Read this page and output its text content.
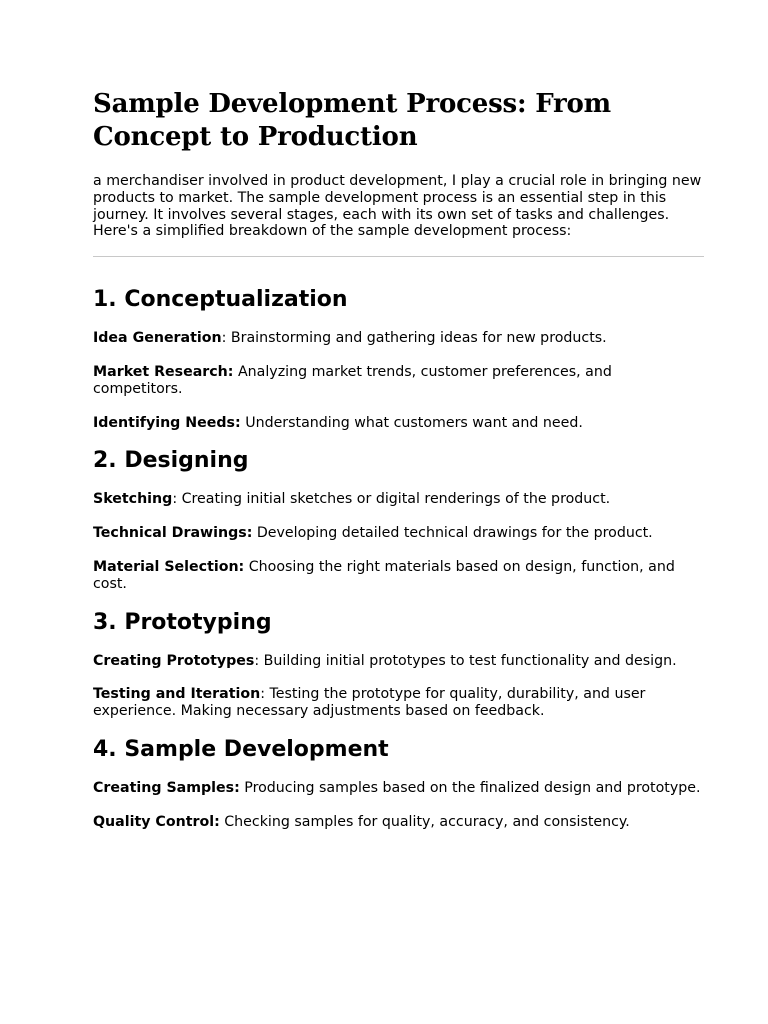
Sample Development Process: From Concept to Production

a merchandiser involved in product development, I play a crucial role in bringing new products to market. The sample development process is an essential step in this journey. It involves several stages, each with its own set of tasks and challenges. Here's a simplified breakdown of the sample development process:

1. Conceptualization

Idea Generation: Brainstorming and gathering ideas for new products.

Market Research: Analyzing market trends, customer preferences, and competitors.

Identifying Needs: Understanding what customers want and need.

2. Designing

Sketching: Creating initial sketches or digital renderings of the product.

Technical Drawings: Developing detailed technical drawings for the product.

Material Selection: Choosing the right materials based on design, function, and cost.

3. Prototyping

Creating Prototypes: Building initial prototypes to test functionality and design.

Testing and Iteration: Testing the prototype for quality, durability, and user experience. Making necessary adjustments based on feedback.

4. Sample Development

Creating Samples: Producing samples based on the finalized design and prototype.

Quality Control: Checking samples for quality, accuracy, and consistency.
